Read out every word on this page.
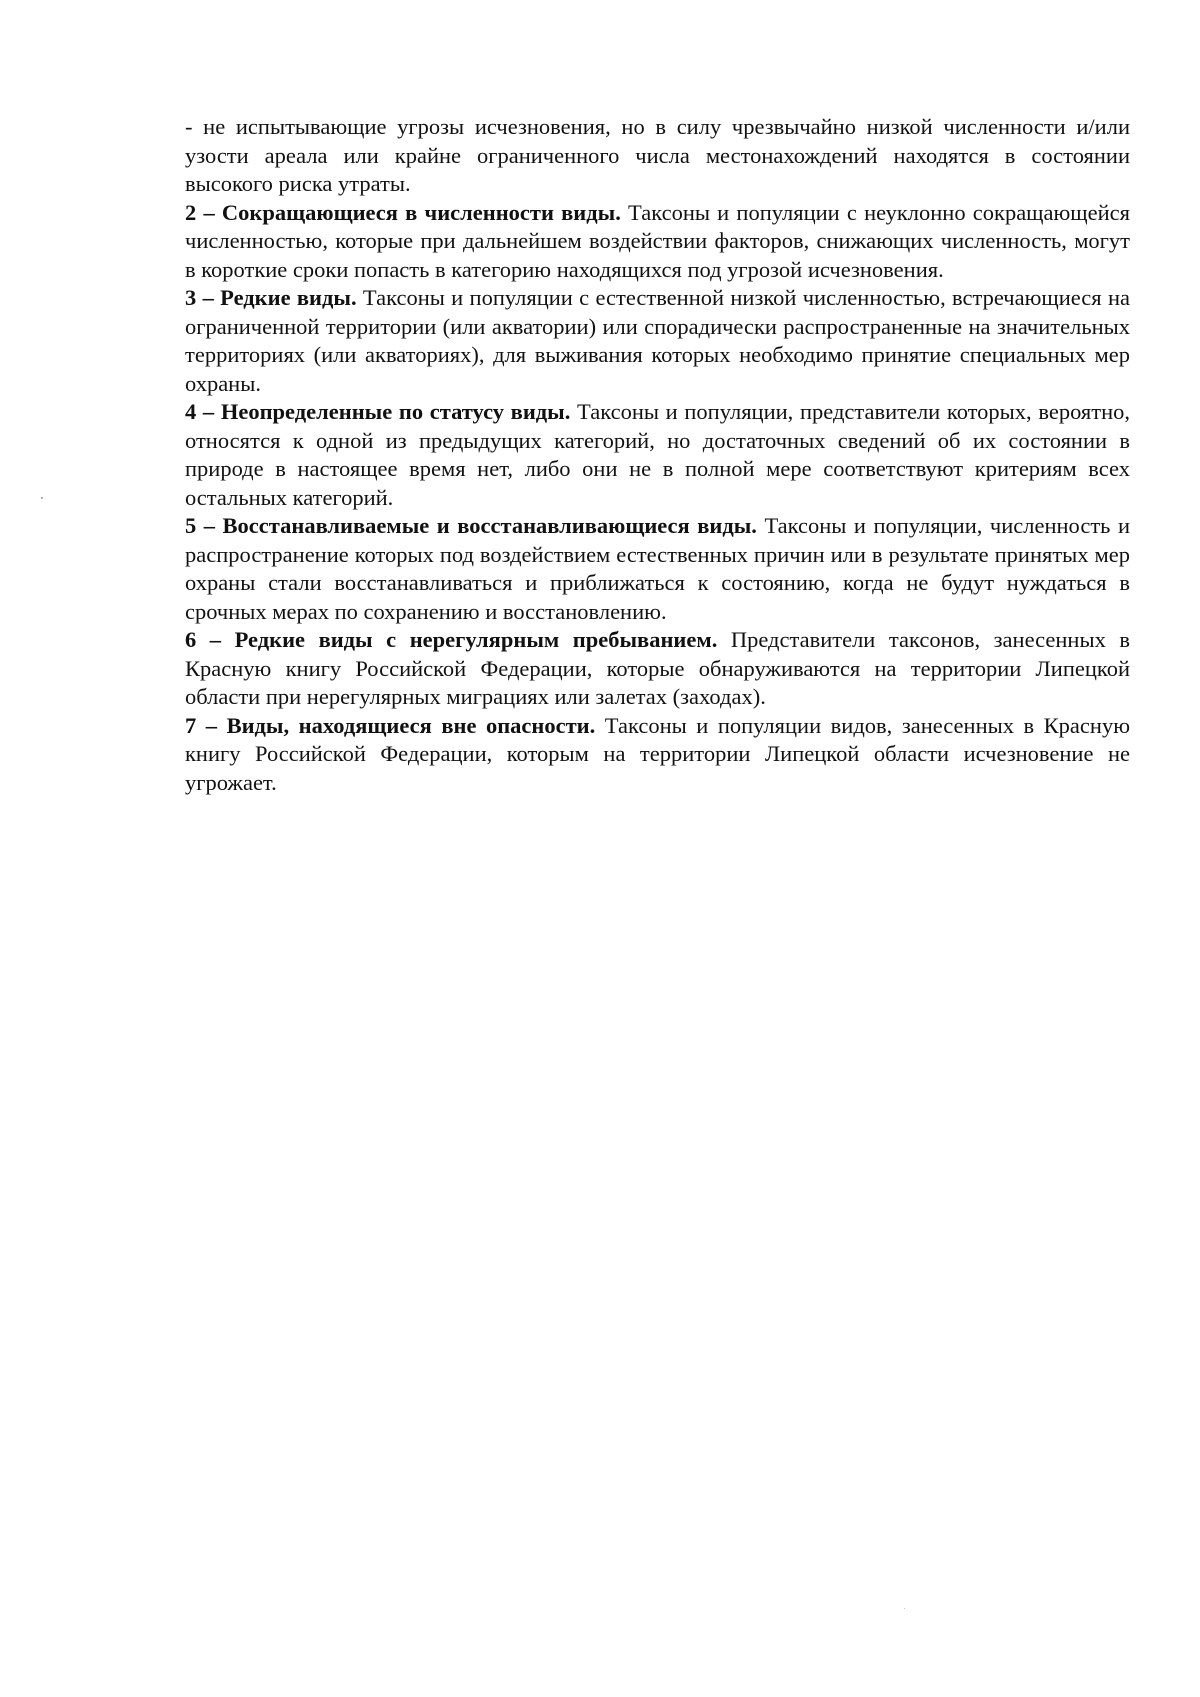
- не испытывающие угрозы исчезновения, но в силу чрезвычайно низкой численности и/или узости ареала или крайне ограниченного числа местонахождений находятся в состоянии высокого риска утраты.

2 – Сокращающиеся в численности виды. Таксоны и популяции с неуклонно сокращающейся численностью, которые при дальнейшем воздействии факторов, снижающих численность, могут в короткие сроки попасть в категорию находящихся под угрозой исчезновения.

3 – Редкие виды. Таксоны и популяции с естественной низкой численностью, встречающиеся на ограниченной территории (или акватории) или спорадически распространенные на значительных территориях (или акваториях), для выживания которых необходимо принятие специальных мер охраны.

4 – Неопределенные по статусу виды. Таксоны и популяции, представители которых, вероятно, относятся к одной из предыдущих категорий, но достаточных сведений об их состоянии в природе в настоящее время нет, либо они не в полной мере соответствуют критериям всех остальных категорий.

5 – Восстанавливаемые и восстанавливающиеся виды. Таксоны и популяции, численность и распространение которых под воздействием естественных причин или в результате принятых мер охраны стали восстанавливаться и приближаться к состоянию, когда не будут нуждаться в срочных мерах по сохранению и восстановлению.

6 – Редкие виды с нерегулярным пребыванием. Представители таксонов, занесенных в Красную книгу Российской Федерации, которые обнаруживаются на территории Липецкой области при нерегулярных миграциях или залетах (заходах).

7 – Виды, находящиеся вне опасности. Таксоны и популяции видов, занесенных в Красную книгу Российской Федерации, которым на территории Липецкой области исчезновение не угрожает.
